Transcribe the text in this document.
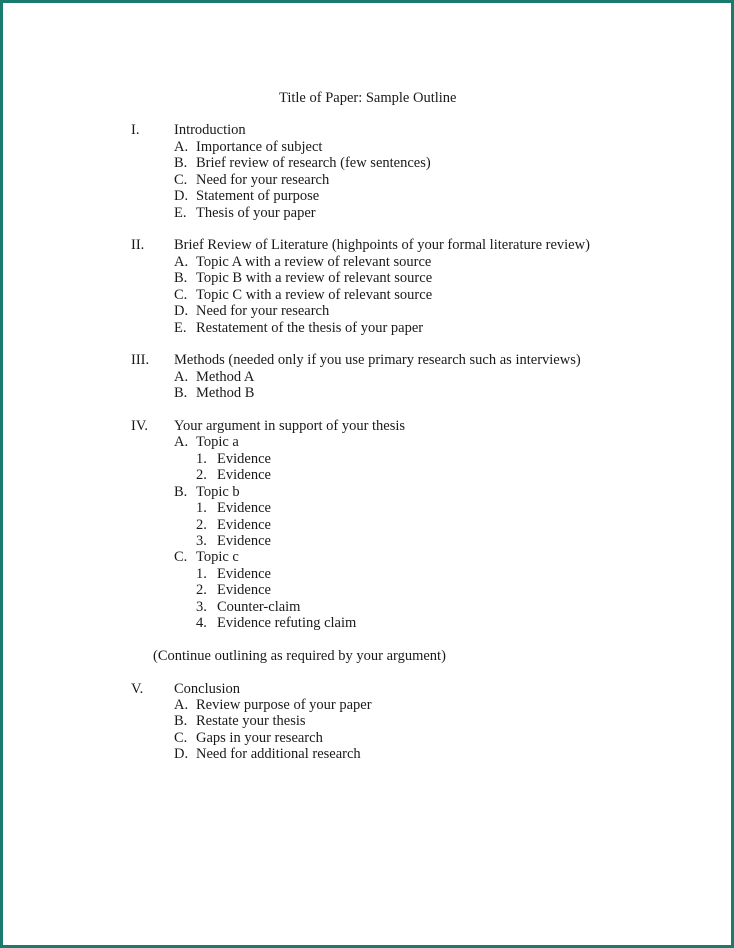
Title of Paper: Sample Outline
I. Introduction
A. Importance of subject
B. Brief review of research (few sentences)
C. Need for your research
D. Statement of purpose
E. Thesis of your paper
II. Brief Review of Literature (highpoints of your formal literature review)
A. Topic A with a review of relevant source
B. Topic B with a review of relevant source
C. Topic C with a review of relevant source
D. Need for your research
E. Restatement of the thesis of your paper
III. Methods (needed only if you use primary research such as interviews)
A. Method A
B. Method B
IV. Your argument in support of your thesis
A. Topic a
1. Evidence
2. Evidence
B. Topic b
1. Evidence
2. Evidence
3. Evidence
C. Topic c
1. Evidence
2. Evidence
3. Counter-claim
4. Evidence refuting claim
(Continue outlining as required by your argument)
V. Conclusion
A. Review purpose of your paper
B. Restate your thesis
C. Gaps in your research
D. Need for additional research
